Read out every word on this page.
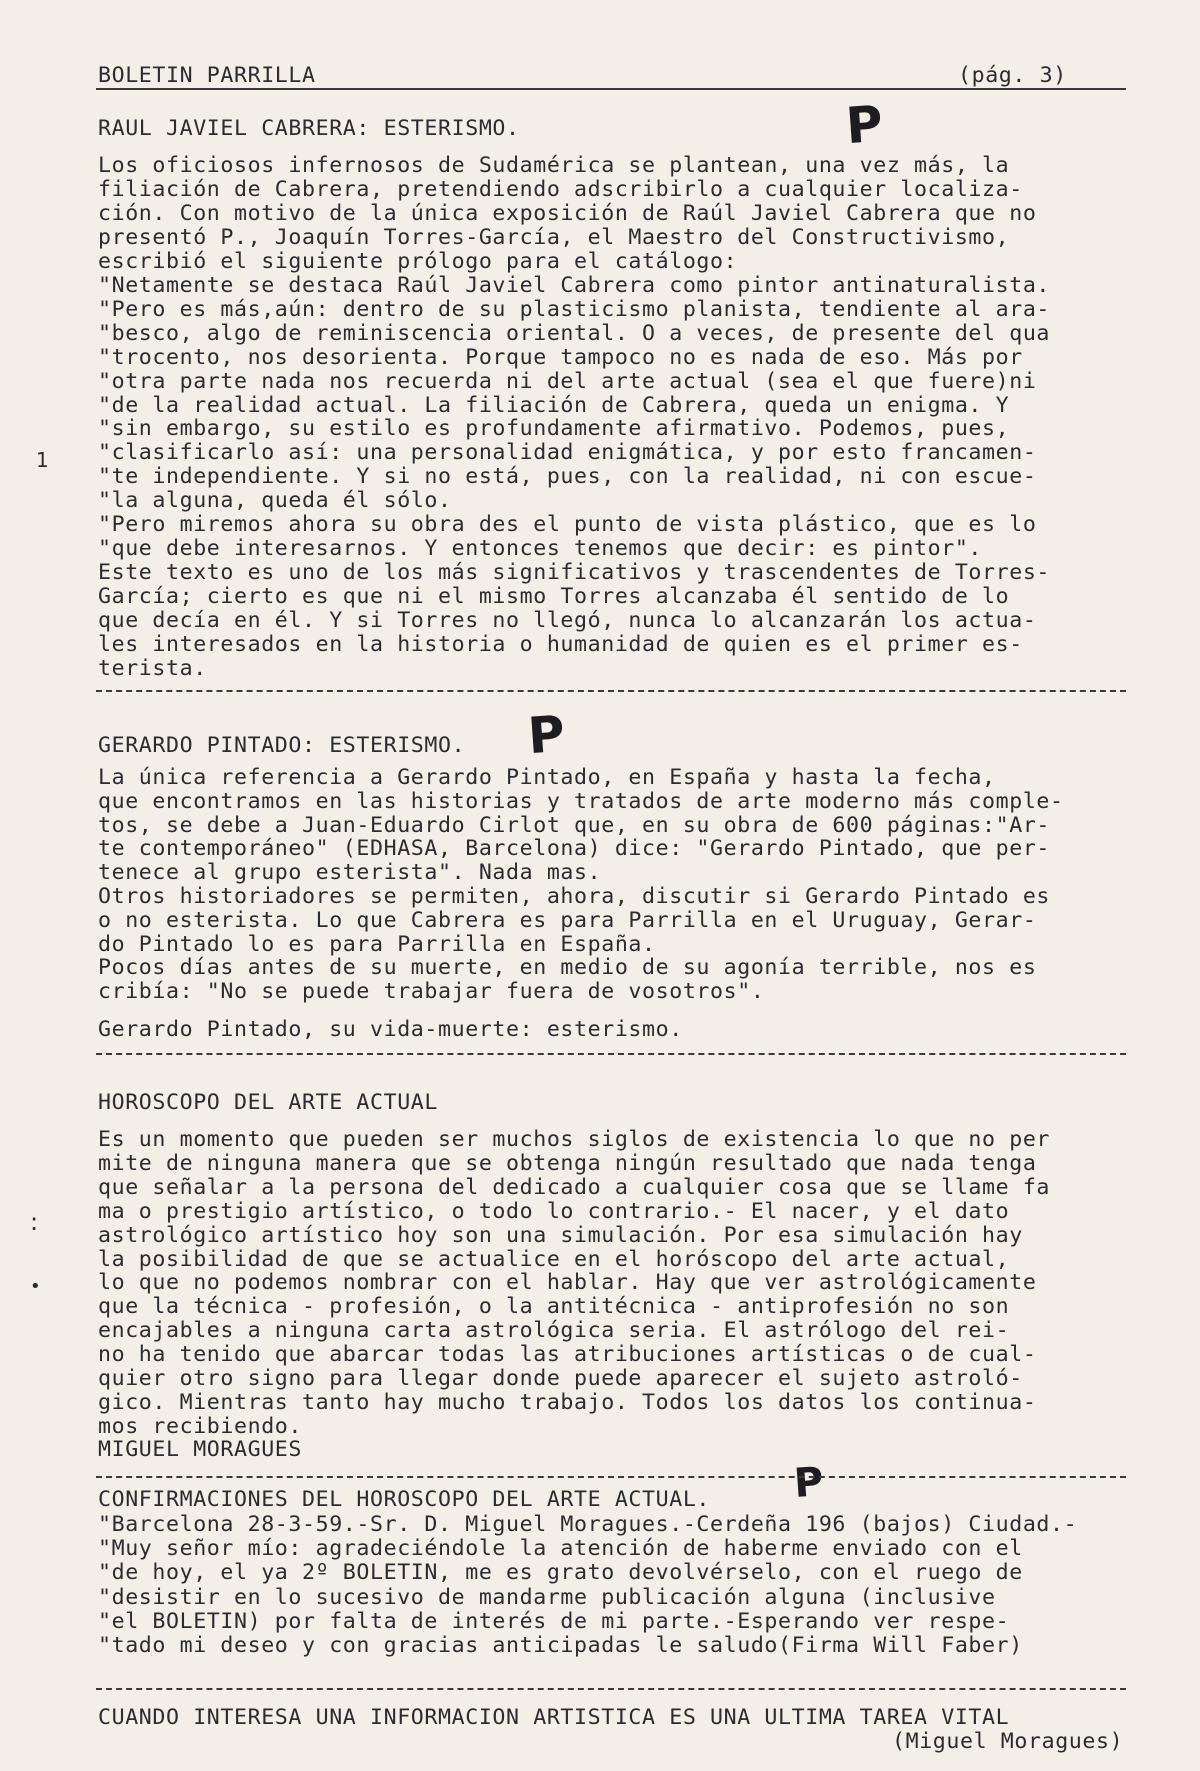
BOLETIN PARRILLA	(pág. 3)
P
P
P
1
:
•
RAUL JAVIEL CABRERA: ESTERISMO.
Los oficiosos infernosos de Sudamérica se plantean, una vez más, la
filiación de Cabrera, pretendiendo adscribirlo a cualquier localiza-
ción. Con motivo de la única exposición de Raúl Javiel Cabrera que no
presentó P., Joaquín Torres-García, el Maestro del Constructivismo,
escribió el siguiente prólogo para el catálogo:
"Netamente se destaca Raúl Javiel Cabrera como pintor antinaturalista.
"Pero es más,aún: dentro de su plasticismo planista, tendiente al ara-
"besco, algo de reminiscencia oriental. O a veces, de presente del qua
"trocento, nos desorienta. Porque tampoco no es nada de eso. Más por
"otra parte nada nos recuerda ni del arte actual (sea el que fuere)ni
"de la realidad actual. La filiación de Cabrera, queda un enigma. Y
"sin embargo, su estilo es profundamente afirmativo. Podemos, pues,
"clasificarlo así: una personalidad enigmática, y por esto francamen-
"te independiente. Y si no está, pues, con la realidad, ni con escue-
"la alguna, queda él sólo.
"Pero miremos ahora su obra des el punto de vista plástico, que es lo
"que debe interesarnos. Y entonces tenemos que decir: es pintor".
Este texto es uno de los más significativos y trascendentes de Torres-
García; cierto es que ni el mismo Torres alcanzaba él sentido de lo
que decía en él. Y si Torres no llegó, nunca lo alcanzarán los actua-
les interesados en la historia o humanidad de quien es el primer es-
terista.
GERARDO PINTADO: ESTERISMO.
La única referencia a Gerardo Pintado, en España y hasta la fecha,
que encontramos en las historias y tratados de arte moderno más comple-
tos, se debe a Juan-Eduardo Cirlot que, en su obra de 600 páginas:"Ar-
te contemporáneo" (EDHASA, Barcelona) dice: "Gerardo Pintado, que per-
tenece al grupo esterista". Nada mas.
Otros historiadores se permiten, ahora, discutir si Gerardo Pintado es
o no esterista. Lo que Cabrera es para Parrilla en el Uruguay, Gerar-
do Pintado lo es para Parrilla en España.
Pocos días antes de su muerte, en medio de su agonía terrible, nos es
cribía: "No se puede trabajar fuera de vosotros".
Gerardo Pintado, su vida-muerte: esterismo.
HOROSCOPO DEL ARTE ACTUAL
Es un momento que pueden ser muchos siglos de existencia lo que no per
mite de ninguna manera que se obtenga ningún resultado que nada tenga
que señalar a la persona del dedicado a cualquier cosa que se llame fa
ma o prestigio artístico, o todo lo contrario.- El nacer, y el dato
astrológico artístico hoy son una simulación. Por esa simulación hay
la posibilidad de que se actualice en el horóscopo del arte actual,
lo que no podemos nombrar con el hablar. Hay que ver astrológicamente
que la técnica - profesión, o la antitécnica - antiprofesión no son
encajables a ninguna carta astrológica seria. El astrólogo del rei-
no ha tenido que abarcar todas las atribuciones artísticas o de cual-
quier otro signo para llegar donde puede aparecer el sujeto astroló-
gico. Mientras tanto hay mucho trabajo. Todos los datos los continua-
mos recibiendo.
MIGUEL MORAGUES
CONFIRMACIONES DEL HOROSCOPO DEL ARTE ACTUAL.
"Barcelona 28-3-59.-Sr. D. Miguel Moragues.-Cerdeña 196 (bajos) Ciudad.-
"Muy señor mío: agradeciéndole la atención de haberme enviado con el
"de hoy, el ya 2º BOLETIN, me es grato devolvérselo, con el ruego de
"desistir en lo sucesivo de mandarme publicación alguna (inclusive
"el BOLETIN) por falta de interés de mi parte.-Esperando ver respe-
"tado mi deseo y con gracias anticipadas le saludo(Firma Will Faber)
CUANDO INTERESA UNA INFORMACION ARTISTICA ES UNA ULTIMA TAREA VITAL
(Miguel Moragues)
